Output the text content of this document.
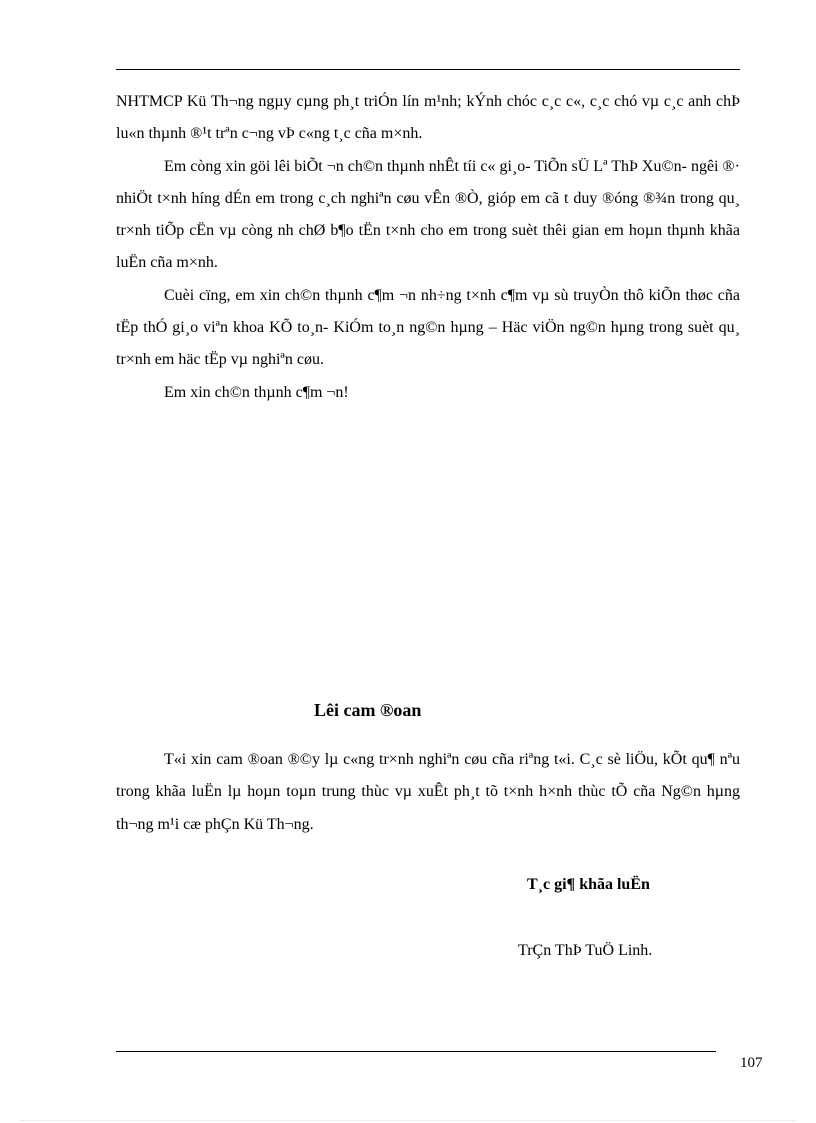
NHTMCP Kü Th¬ng ngµy cµng ph¸t triÓn lín m¹nh; kÝnh chóc c¸c c«, c¸c chó vµ c¸c anh chÞ lu«n thµnh ®¹t trªn c¬ng vÞ c«ng t¸c cña m×nh.

Em còng xin göi lêi biÕt ¬n ch©n thµnh nhÊt tíi c« gi¸o- TiÕn sÜ Lª ThÞ Xu©n- ngêi ®· nhiÖt t×nh híng dÉn em trong c¸ch nghiªn cøu vÊn ®Ò, gióp em cã t duy ®óng ®¾n trong qu¸ tr×nh tiÕp cËn vµ còng nh chØ b¶o tËn t×nh cho em trong suèt thêi gian em hoµn thµnh khãa luËn cña m×nh.

Cuèi cïng, em xin ch©n thµnh c¶m ¬n nh÷ng t×nh c¶m vµ sù truyÒn thô kiÕn thøc cña tËp thÓ gi¸o viªn khoa KÕ to¸n- KiÓm to¸n ng©n hµng – Häc viÖn ng©n hµng trong suèt qu¸ tr×nh em häc tËp vµ nghiªn cøu.

Em xin ch©n thµnh c¶m ¬n!

Lêi cam ®oan

T«i xin cam ®oan ®©y lµ c«ng tr×nh nghiªn cøu cña riªng t«i. C¸c sè liÖu, kÕt qu¶ nªu trong khãa luËn lµ hoµn toµn trung thùc vµ xuÊt ph¸t tõ t×nh h×nh thùc tÕ cña Ng©n hµng th¬ng m¹i cæ phÇn Kü Th¬ng.

T¸c gi¶ khãa luËn
TrÇn ThÞ TuÖ Linh.
107
